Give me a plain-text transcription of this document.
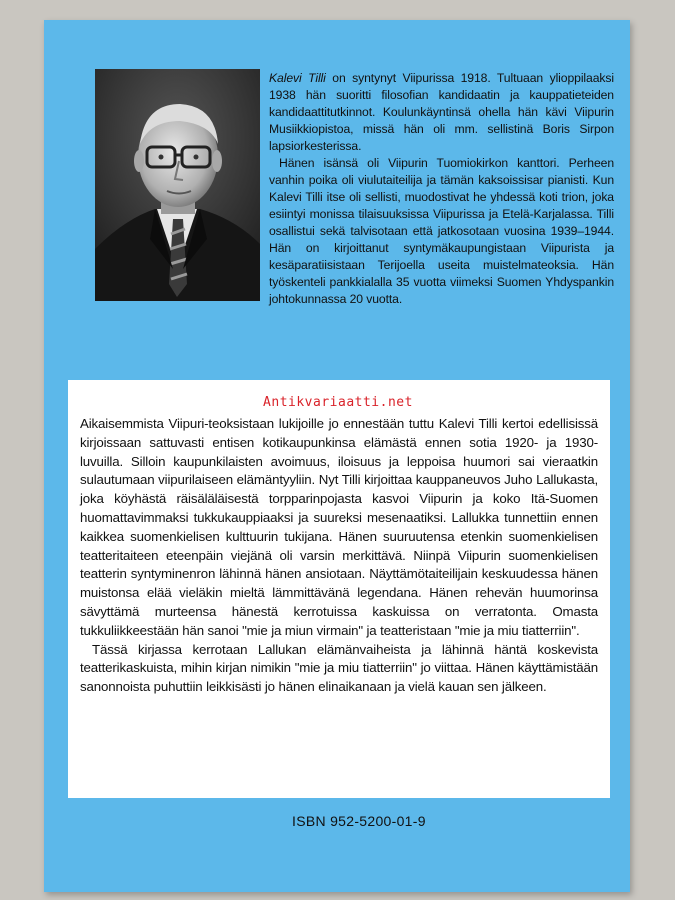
Kalevi Tilli on syntynyt Viipurissa 1918. Tultuaan ylioppilaaksi 1938 hän suoritti filosofian kandidaatin ja kauppatieteiden kandidaattitutkinnot. Koulunkäyntinsä ohella hän kävi Viipurin Musiikkiopistoa, missä hän oli mm. sellistinä Boris Sirpon lapsiorkesterissa.

Hänen isänsä oli Viipurin Tuomiokirkon kanttori. Perheen vanhin poika oli viulutaiteilija ja tämän kaksoissisar pianisti. Kun Kalevi Tilli itse oli sellisti, muodostivat he yhdessä koti trion, joka esiintyi monissa tilaisuuksissa Viipurissa ja Etelä-Karjalassa. Tilli osallistui sekä talvisotaan että jatkosotaan vuosina 1939–1944. Hän on kirjoittanut syntymäkaupungistaan Viipurista ja kesäparatiisistaan Terijoella useita muistelmateoksia. Hän työskenteli pankkialalla 35 vuotta viimeksi Suomen Yhdyspankin johtokunnassa 20 vuotta.

Antikvariaatti.net

Aikaisemmista Viipuri-teoksistaan lukijoille jo ennestään tuttu Kalevi Tilli kertoi edellisissä kirjoissaan sattuvasti entisen kotikaupunkinsa elämästä ennen sotia 1920- ja 1930-luvuilla. Silloin kaupunkilaisten avoimuus, iloisuus ja leppoisa huumori sai vieraatkin sulautumaan viipurilaiseen elämäntyyliin. Nyt Tilli kirjoittaa kauppaneuvos Juho Lallukasta, joka köyhästä räisäläläisestä torpparinpojasta kasvoi Viipurin ja koko Itä-Suomen huomattavimmaksi tukkukauppiaaksi ja suureksi mesenaatiksi. Lallukka tunnettiin ennen kaikkea suomenkielisen kulttuurin tukijana. Hänen suuruutensa etenkin suomenkielisen teatteritaiteen eteenpäin viejänä oli varsin merkittävä. Niinpä Viipurin suomenkielisen teatterin syntyminenron lähinnä hänen ansiotaan. Näyttämötaiteilijain keskuudessa hänen muistonsa elää vieläkin mieltä lämmittävänä legendana. Hänen rehevän huumorinsa sävyttämä murteensa hänestä kerrotuissa kaskuissa on verratonta. Omasta tukkuliikkeestään hän sanoi "mie ja miun virmain" ja teatteristaan "mie ja miu tiatterriin".

Tässä kirjassa kerrotaan Lallukan elämänvaiheista ja lähinnä häntä koskevista teatterikaskuista, mihin kirjan nimikin "mie ja miu tiatterriin" jo viittaa. Hänen käyttämistään sanonnoista puhuttiin leikkisästi jo hänen elinaikanaan ja vielä kauan sen jälkeen.

ISBN 952-5200-01-9
